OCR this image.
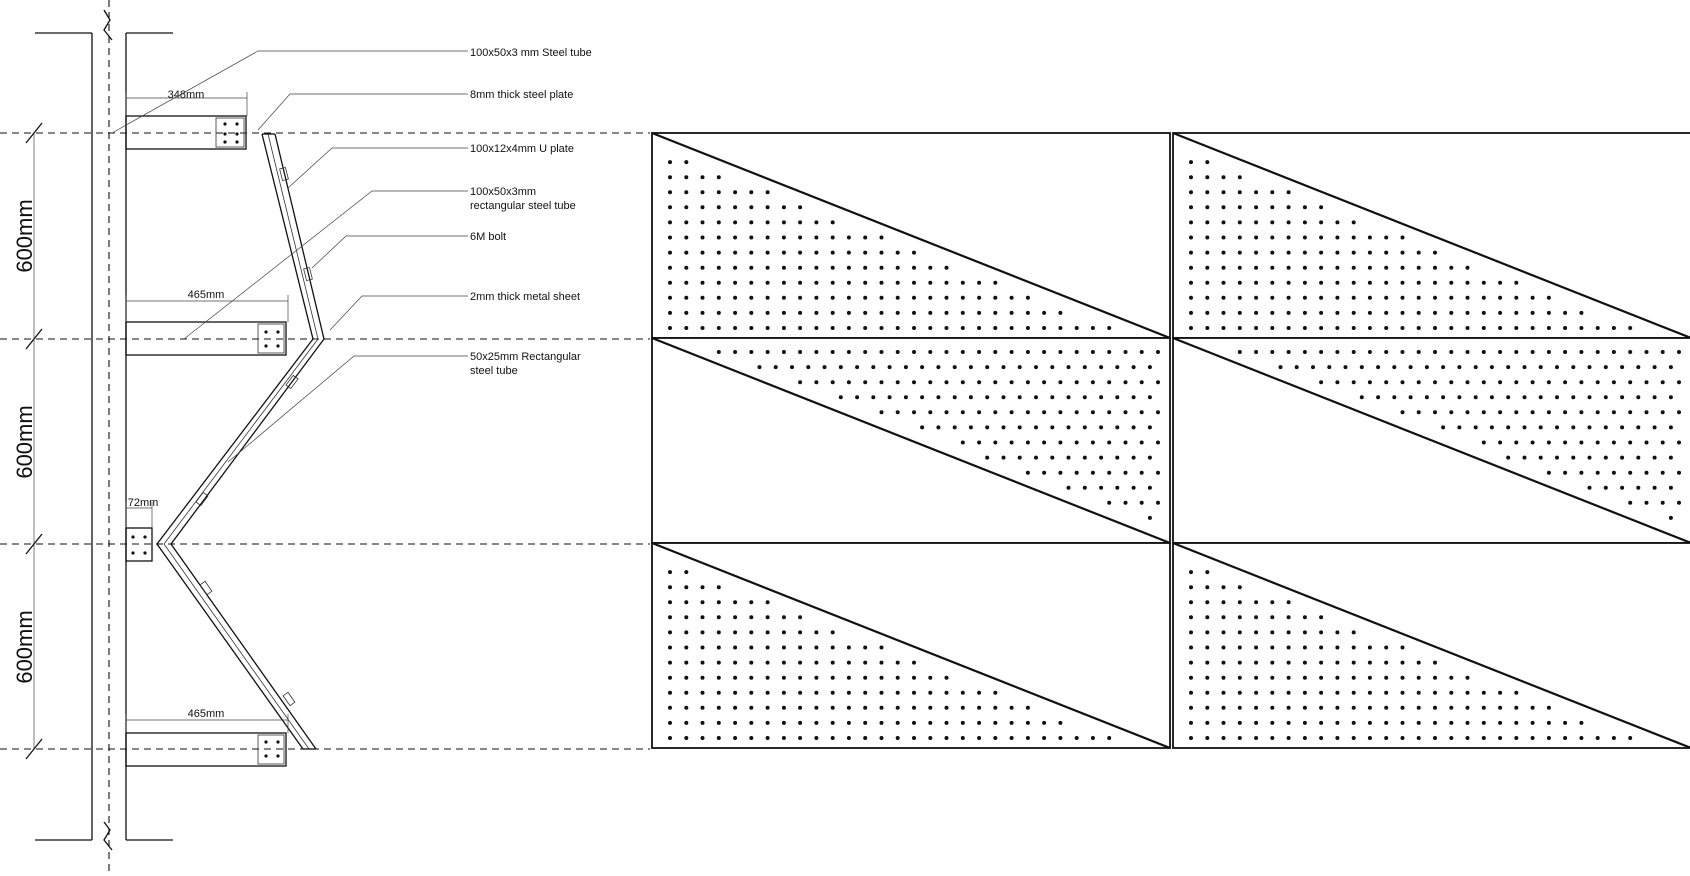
348mm
465mm
72mm
465mm
600mm
600mm
600mm
100x50x3 mm Steel tube
8mm thick steel plate
100x12x4mm U plate
100x50x3mm
rectangular steel tube
6M bolt
2mm thick metal sheet
50x25mm Rectangular
steel tube
